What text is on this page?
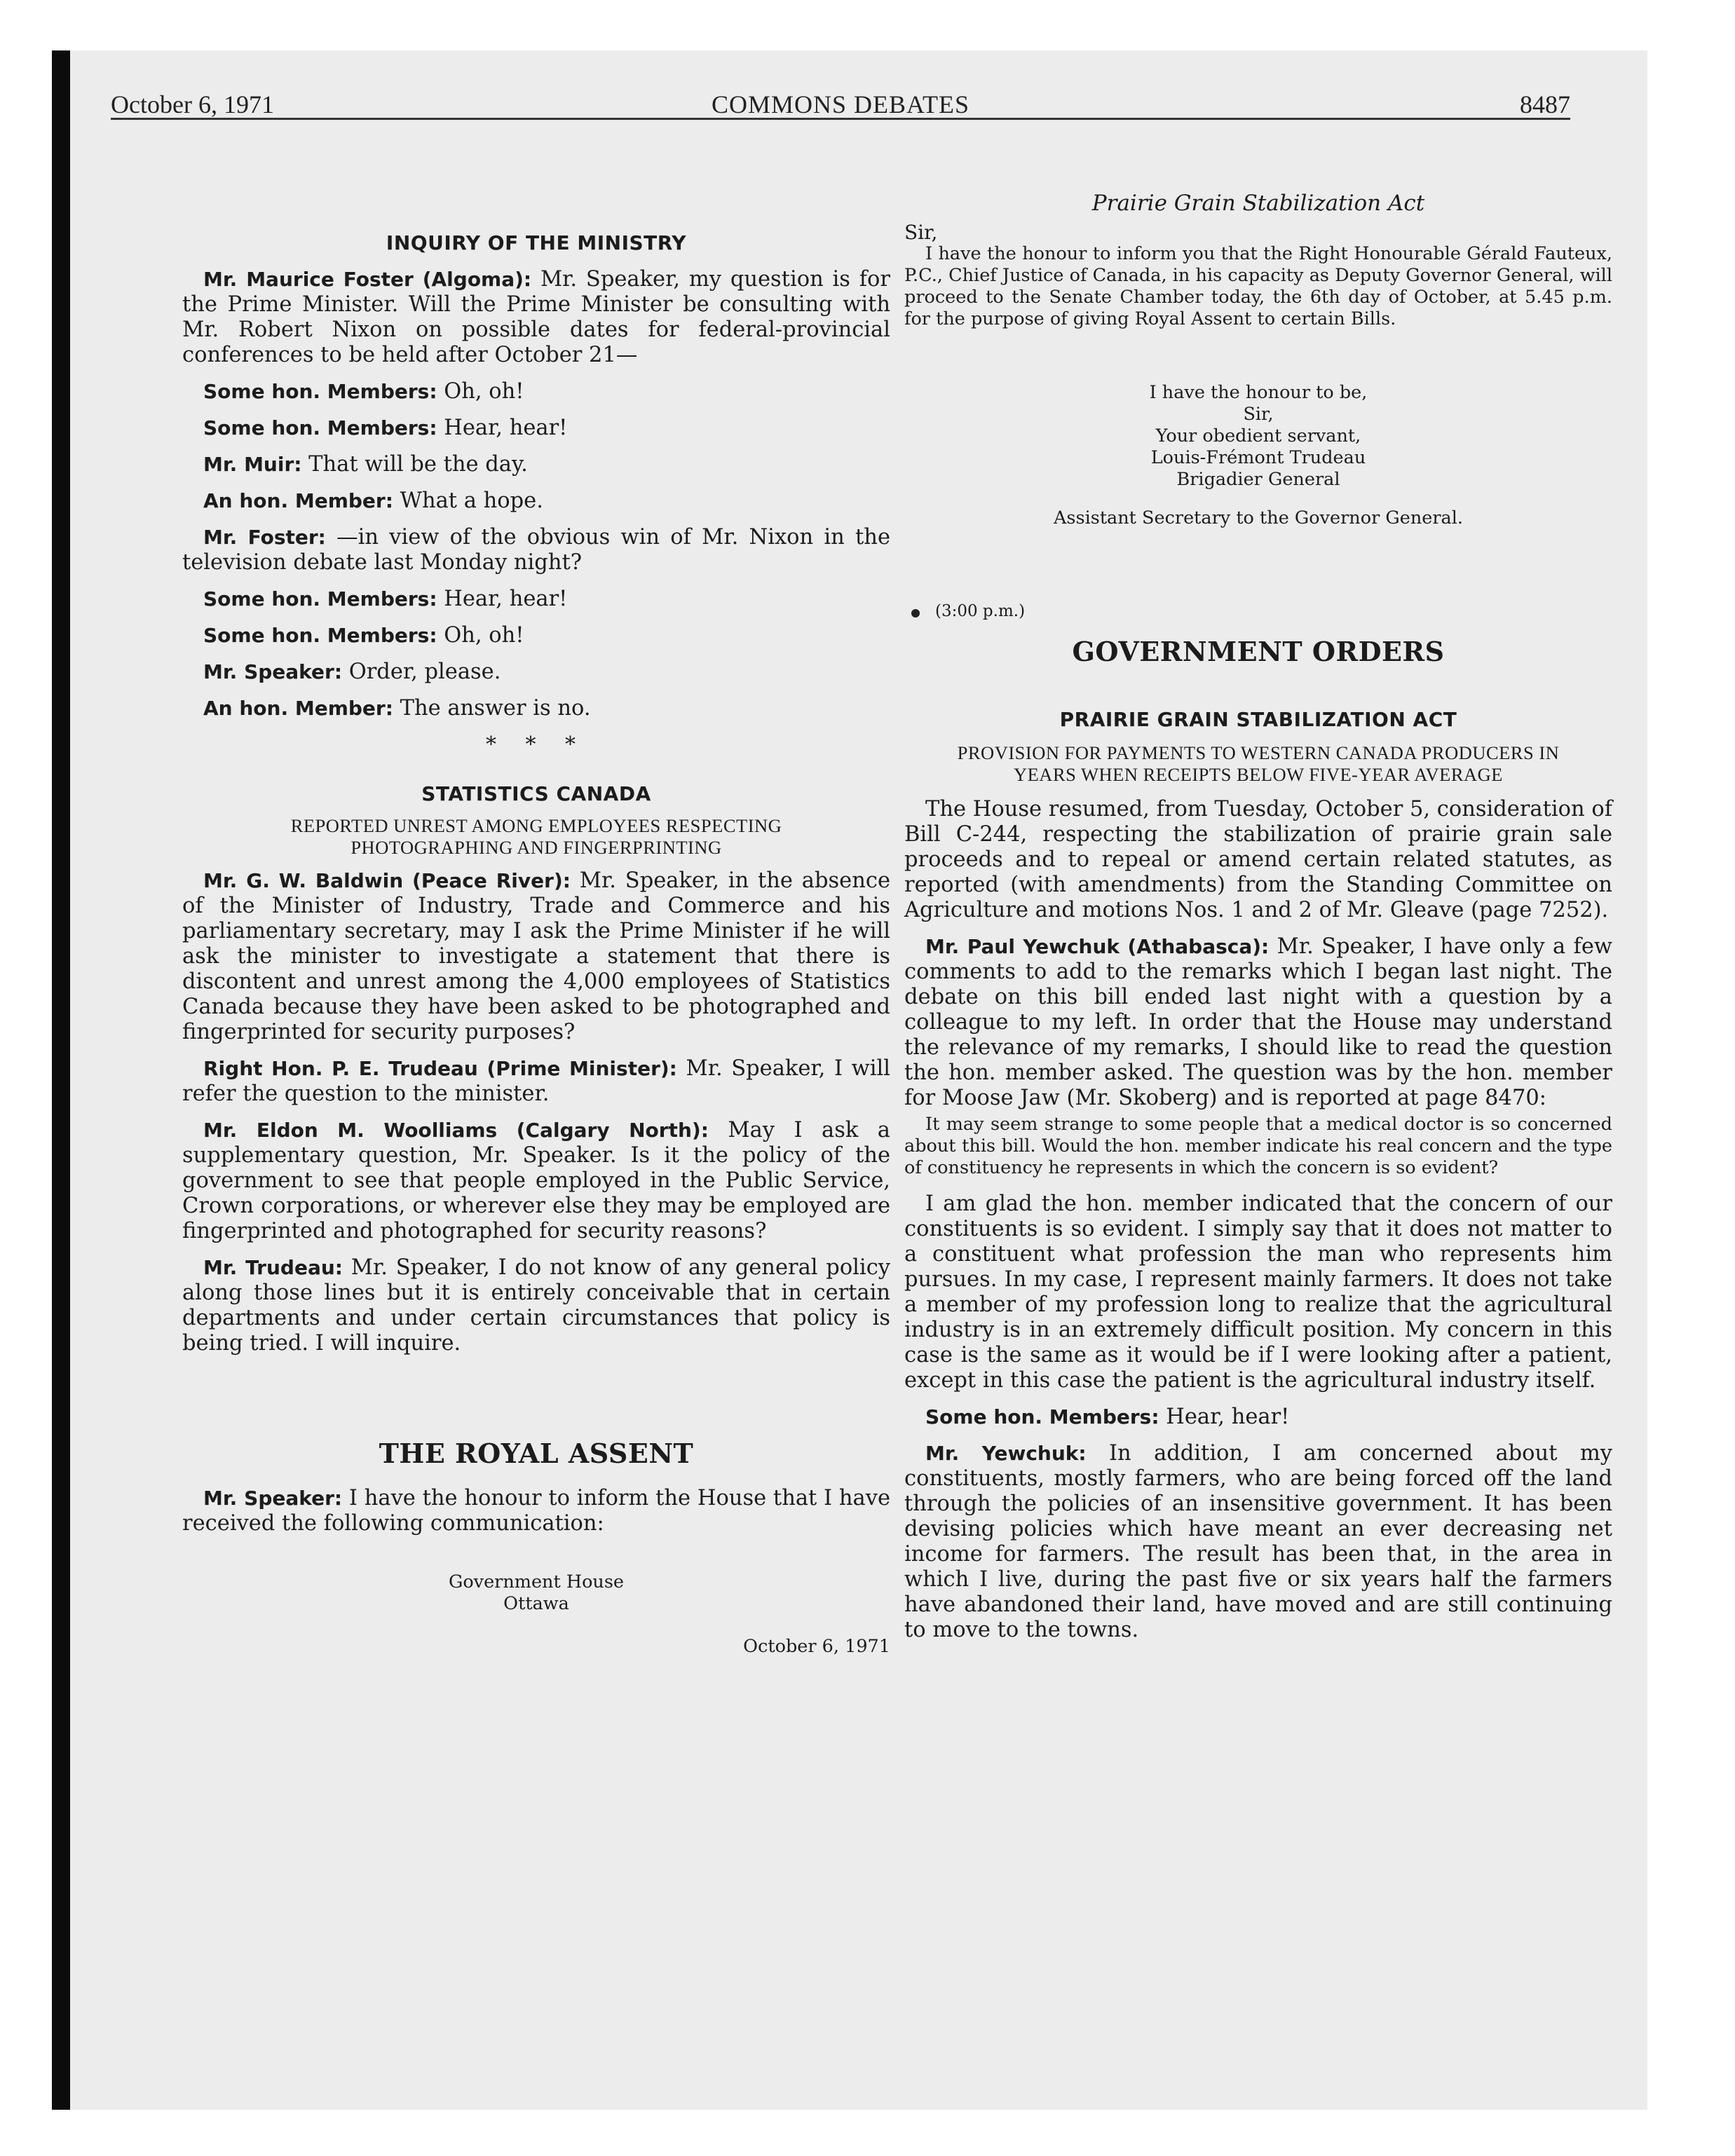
October 6, 1971	COMMONS DEBATES	8487
INQUIRY OF THE MINISTRY

Mr. Maurice Foster (Algoma): Mr. Speaker, my question is for the Prime Minister. Will the Prime Minister be consulting with Mr. Robert Nixon on possible dates for federal-provincial conferences to be held after October 21—

Some hon. Members: Oh, oh!

Some hon. Members: Hear, hear!

Mr. Muir: That will be the day.

An hon. Member: What a hope.

Mr. Foster: —in view of the obvious win of Mr. Nixon in the television debate last Monday night?

Some hon. Members: Hear, hear!

Some hon. Members: Oh, oh!

Mr. Speaker: Order, please.

An hon. Member: The answer is no.

* * *
STATISTICS CANADA
REPORTED UNREST AMONG EMPLOYEES RESPECTING PHOTOGRAPHING AND FINGERPRINTING

Mr. G. W. Baldwin (Peace River): Mr. Speaker, in the absence of the Minister of Industry, Trade and Commerce and his parliamentary secretary, may I ask the Prime Minister if he will ask the minister to investigate a statement that there is discontent and unrest among the 4,000 employees of Statistics Canada because they have been asked to be photographed and fingerprinted for security purposes?

Right Hon. P. E. Trudeau (Prime Minister): Mr. Speaker, I will refer the question to the minister.

Mr. Eldon M. Woolliams (Calgary North): May I ask a supplementary question, Mr. Speaker. Is it the policy of the government to see that people employed in the Public Service, Crown corporations, or wherever else they may be employed are fingerprinted and photographed for security reasons?

Mr. Trudeau: Mr. Speaker, I do not know of any general policy along those lines but it is entirely conceivable that in certain departments and under certain circumstances that policy is being tried. I will inquire.

THE ROYAL ASSENT

Mr. Speaker: I have the honour to inform the House that I have received the following communication:

Government House
Ottawa
October 6, 1971
Prairie Grain Stabilization Act
Sir,

I have the honour to inform you that the Right Honourable Gérald Fauteux, P.C., Chief Justice of Canada, in his capacity as Deputy Governor General, will proceed to the Senate Chamber today, the 6th day of October, at 5.45 p.m. for the purpose of giving Royal Assent to certain Bills.

I have the honour to be,
Sir,
Your obedient servant,
Louis-Frémont Trudeau
Brigadier General
Assistant Secretary to the Governor General.
(3:00 p.m.)
GOVERNMENT ORDERS
PRAIRIE GRAIN STABILIZATION ACT
PROVISION FOR PAYMENTS TO WESTERN CANADA PRODUCERS IN YEARS WHEN RECEIPTS BELOW FIVE-YEAR AVERAGE

The House resumed, from Tuesday, October 5, consideration of Bill C-244, respecting the stabilization of prairie grain sale proceeds and to repeal or amend certain related statutes, as reported (with amendments) from the Standing Committee on Agriculture and motions Nos. 1 and 2 of Mr. Gleave (page 7252).

Mr. Paul Yewchuk (Athabasca): Mr. Speaker, I have only a few comments to add to the remarks which I began last night. The debate on this bill ended last night with a question by a colleague to my left. In order that the House may understand the relevance of my remarks, I should like to read the question the hon. member asked. The question was by the hon. member for Moose Jaw (Mr. Skoberg) and is reported at page 8470:

It may seem strange to some people that a medical doctor is so concerned about this bill. Would the hon. member indicate his real concern and the type of constituency he represents in which the concern is so evident?

I am glad the hon. member indicated that the concern of our constituents is so evident. I simply say that it does not matter to a constituent what profession the man who represents him pursues. In my case, I represent mainly farmers. It does not take a member of my profession long to realize that the agricultural industry is in an extremely difficult position. My concern in this case is the same as it would be if I were looking after a patient, except in this case the patient is the agricultural industry itself.

Some hon. Members: Hear, hear!

Mr. Yewchuk: In addition, I am concerned about my constituents, mostly farmers, who are being forced off the land through the policies of an insensitive government. It has been devising policies which have meant an ever decreasing net income for farmers. The result has been that, in the area in which I live, during the past five or six years half the farmers have abandoned their land, have moved and are still continuing to move to the towns.
